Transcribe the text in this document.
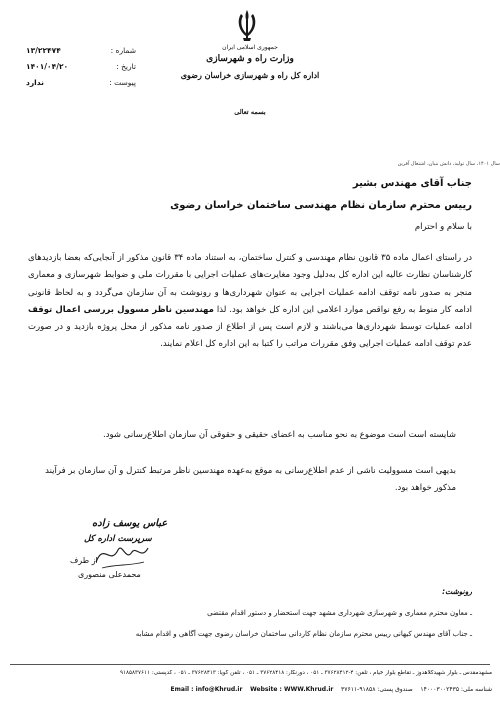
جمهوری اسلامی ایران
وزارت راه و شهرسازی
اداره کل راه و شهرسازی خراسان رضوی
شماره :
۱۳/۲۲۴۷۴
تاریخ :
۱۴۰۱/۰۴/۲۰
پیوست :
ندارد
بسمه تعالی
سال ۱۴۰۱، سال تولید، دانش بنیان، اشتغال آفرین
جناب آقای مهندس بشیر
رییس محترم سازمان نظام مهندسی ساختمان خراسان رضوی
با سلام و احترام
در راستای اعمال ماده ۳۵ قانون نظام مهندسی و کنترل ساختمان، به استناد ماده ۳۴ قانون مذکور از آنجایی‌که بعضا بازدیدهای کارشناسان نظارت عالیه این اداره کل به‌دلیل وجود مغایرت‌های عملیات اجرایی با مقررات ملی و ضوابط شهرسازی و معماری منجر به صدور نامه توقف ادامه عملیات اجرایی به عنوان شهرداری‌ها و رونوشت به آن سازمان می‌گردد و به لحاظ قانونی ادامه کار منوط به رفع نواقص موارد اعلامی این اداره کل خواهد بود. لذا مهندسین ناظر مسوول بررسی اعمال توقف ادامه عملیات توسط شهرداری‌ها می‌باشند و لازم است پس از اطلاع از صدور نامه مذکور از محل پروژه بازدید و در صورت عدم توقف ادامه عملیات اجرایی وفق مقررات مراتب را کتبا به این اداره کل اعلام نمایند.
شایسته است است موضوع به نحو مناسب به اعضای حقیقی و حقوقی آن سازمان اطلاع‌رسانی شود.
بدیهی است مسوولیت ناشی از عدم اطلاع‌رسانی به موقع به‌عهده مهندسین ناظر مرتبط کنترل و آن سازمان بر فرآیند مذکور خواهد بود.
عباس یوسف زاده
سرپرست اداره کل
از طرف
محمدعلی منصوری
رونوشت:
ـ معاون محترم معماری و شهرسازی شهرداری مشهد جهت استحضار و دستور اقدام مقتضی
ـ جناب آقای مهندس کیهانی رییس محترم سازمان نظام کاردانی ساختمان خراسان رضوی جهت آگاهی و اقدام مشابه
مشهدمقدس ـ بلوار شهیدکلاهدوز ـ تقاطع بلوار خیام ، تلفن: ۴-۳۷۶۲۸۴۱۲ ـ ۰۵۱ ، دورنگار: ۳۷۶۲۸۴۱۸ ـ ۰۵۱ ، تلفن گویا: ۳۷۶۲۸۴۱۳ ـ ۰۵۱ ، کدپستی: ۹۱۸۵۸۳۷۶۱۱
شناسه ملی: ۱۴۰۰۰۳۰۰۲۴۳۵    صندوق پستی: ۹۱۸۵۸-۳۷۶۱۱    Email : info@Khrud.ir Website : WWW.Khrud.ir
